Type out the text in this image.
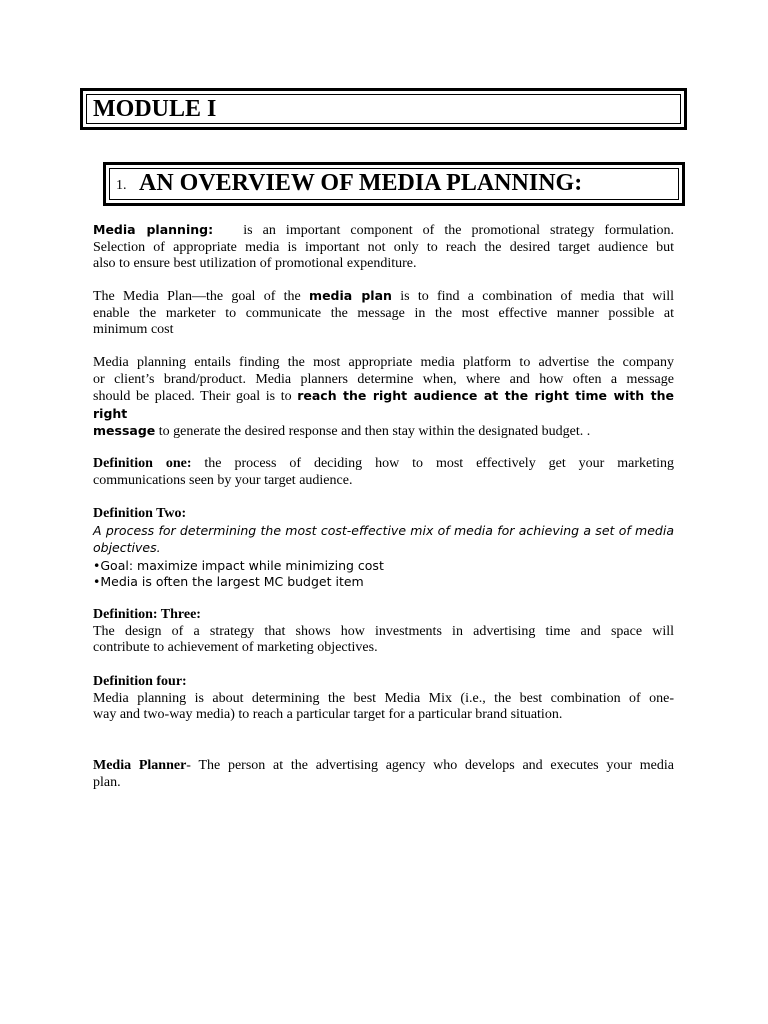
MODULE I
1. AN OVERVIEW OF MEDIA PLANNING:
Media planning: is an important component of the promotional strategy formulation.
Selection of appropriate media is important not only to reach the desired target audience but
also to ensure best utilization of promotional expenditure.
The Media Plan—the goal of the media plan is to find a combination of media that will
enable the marketer to communicate the message in the most effective manner possible at
minimum cost
Media planning entails finding the most appropriate media platform to advertise the company
or client’s brand/product. Media planners determine when, where and how often a message
should be placed. Their goal is to reach the right audience at the right time with the right
message to generate the desired response and then stay within the designated budget. .
Definition one: the process of deciding how to most effectively get your marketing
communications seen by your target audience.
Definition Two:
A process for determining the most cost-effective mix of media for achieving a set of media
objectives.
•Goal: maximize impact while minimizing cost
•Media is often the largest MC budget item
Definition: Three:
The design of a strategy that shows how investments in advertising time and space will
contribute to achievement of marketing objectives.
Definition four:
Media planning is about determining the best Media Mix (i.e., the best combination of one-
way and two-way media) to reach a particular target for a particular brand situation.
Media Planner- The person at the advertising agency who develops and executes your media
plan.
